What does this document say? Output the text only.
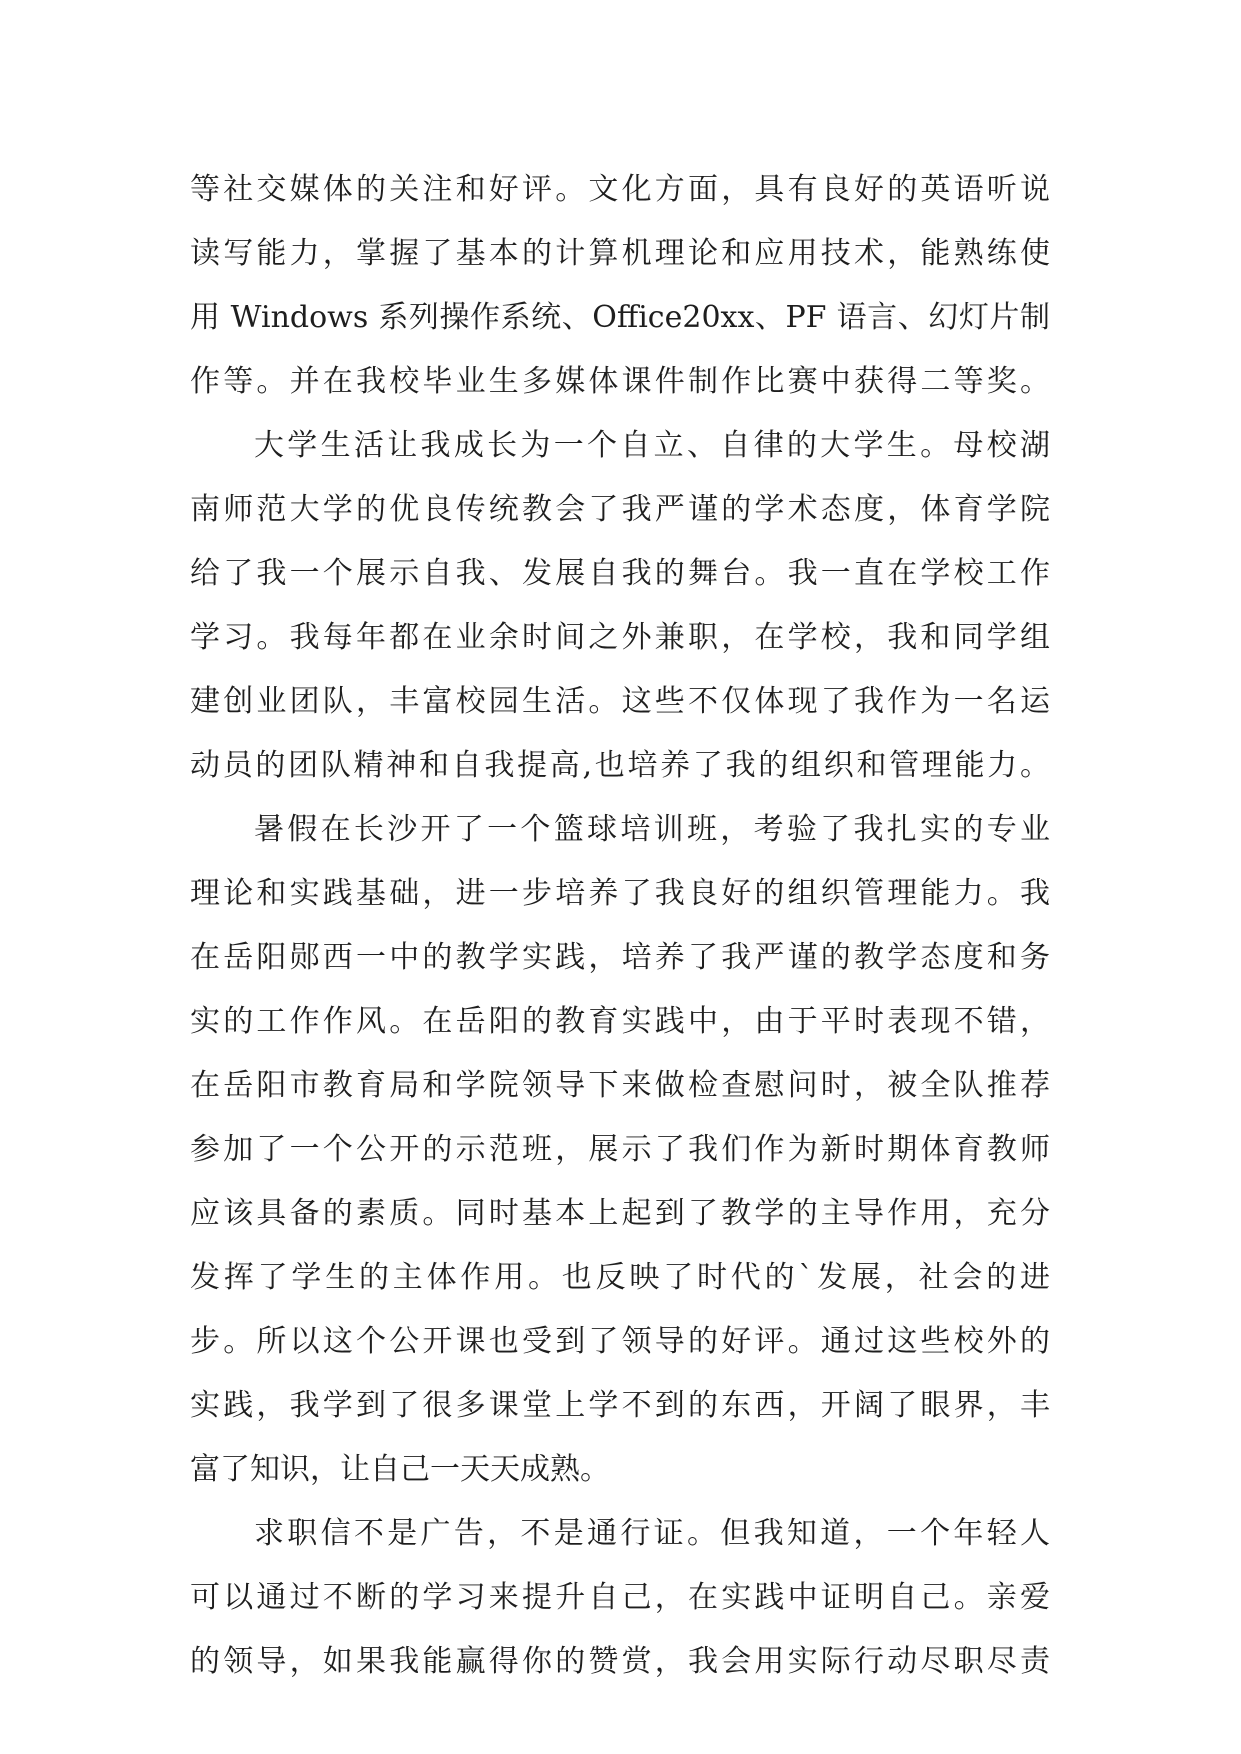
等社交媒体的关注和好评。文化方面，具有良好的英语听说
读写能力，掌握了基本的计算机理论和应用技术，能熟练使
用 Windows 系列操作系统、Office20xx、PF 语言、幻灯片制
作等。并在我校毕业生多媒体课件制作比赛中获得二等奖。
大学生活让我成长为一个自立、自律的大学生。母校湖
南师范大学的优良传统教会了我严谨的学术态度，体育学院
给了我一个展示自我、发展自我的舞台。我一直在学校工作
学习。我每年都在业余时间之外兼职，在学校，我和同学组
建创业团队，丰富校园生活。这些不仅体现了我作为一名运
动员的团队精神和自我提高,也培养了我的组织和管理能力。
暑假在长沙开了一个篮球培训班，考验了我扎实的专业
理论和实践基础，进一步培养了我良好的组织管理能力。我
在岳阳郧西一中的教学实践，培养了我严谨的教学态度和务
实的工作作风。在岳阳的教育实践中，由于平时表现不错，
在岳阳市教育局和学院领导下来做检查慰问时，被全队推荐
参加了一个公开的示范班，展示了我们作为新时期体育教师
应该具备的素质。同时基本上起到了教学的主导作用，充分
发挥了学生的主体作用。也反映了时代的`发展，社会的进
步。所以这个公开课也受到了领导的好评。通过这些校外的
实践，我学到了很多课堂上学不到的东西，开阔了眼界，丰
富了知识，让自己一天天成熟。
求职信不是广告，不是通行证。但我知道，一个年轻人
可以通过不断的学习来提升自己，在实践中证明自己。亲爱
的领导，如果我能赢得你的赞赏，我会用实际行动尽职尽责
